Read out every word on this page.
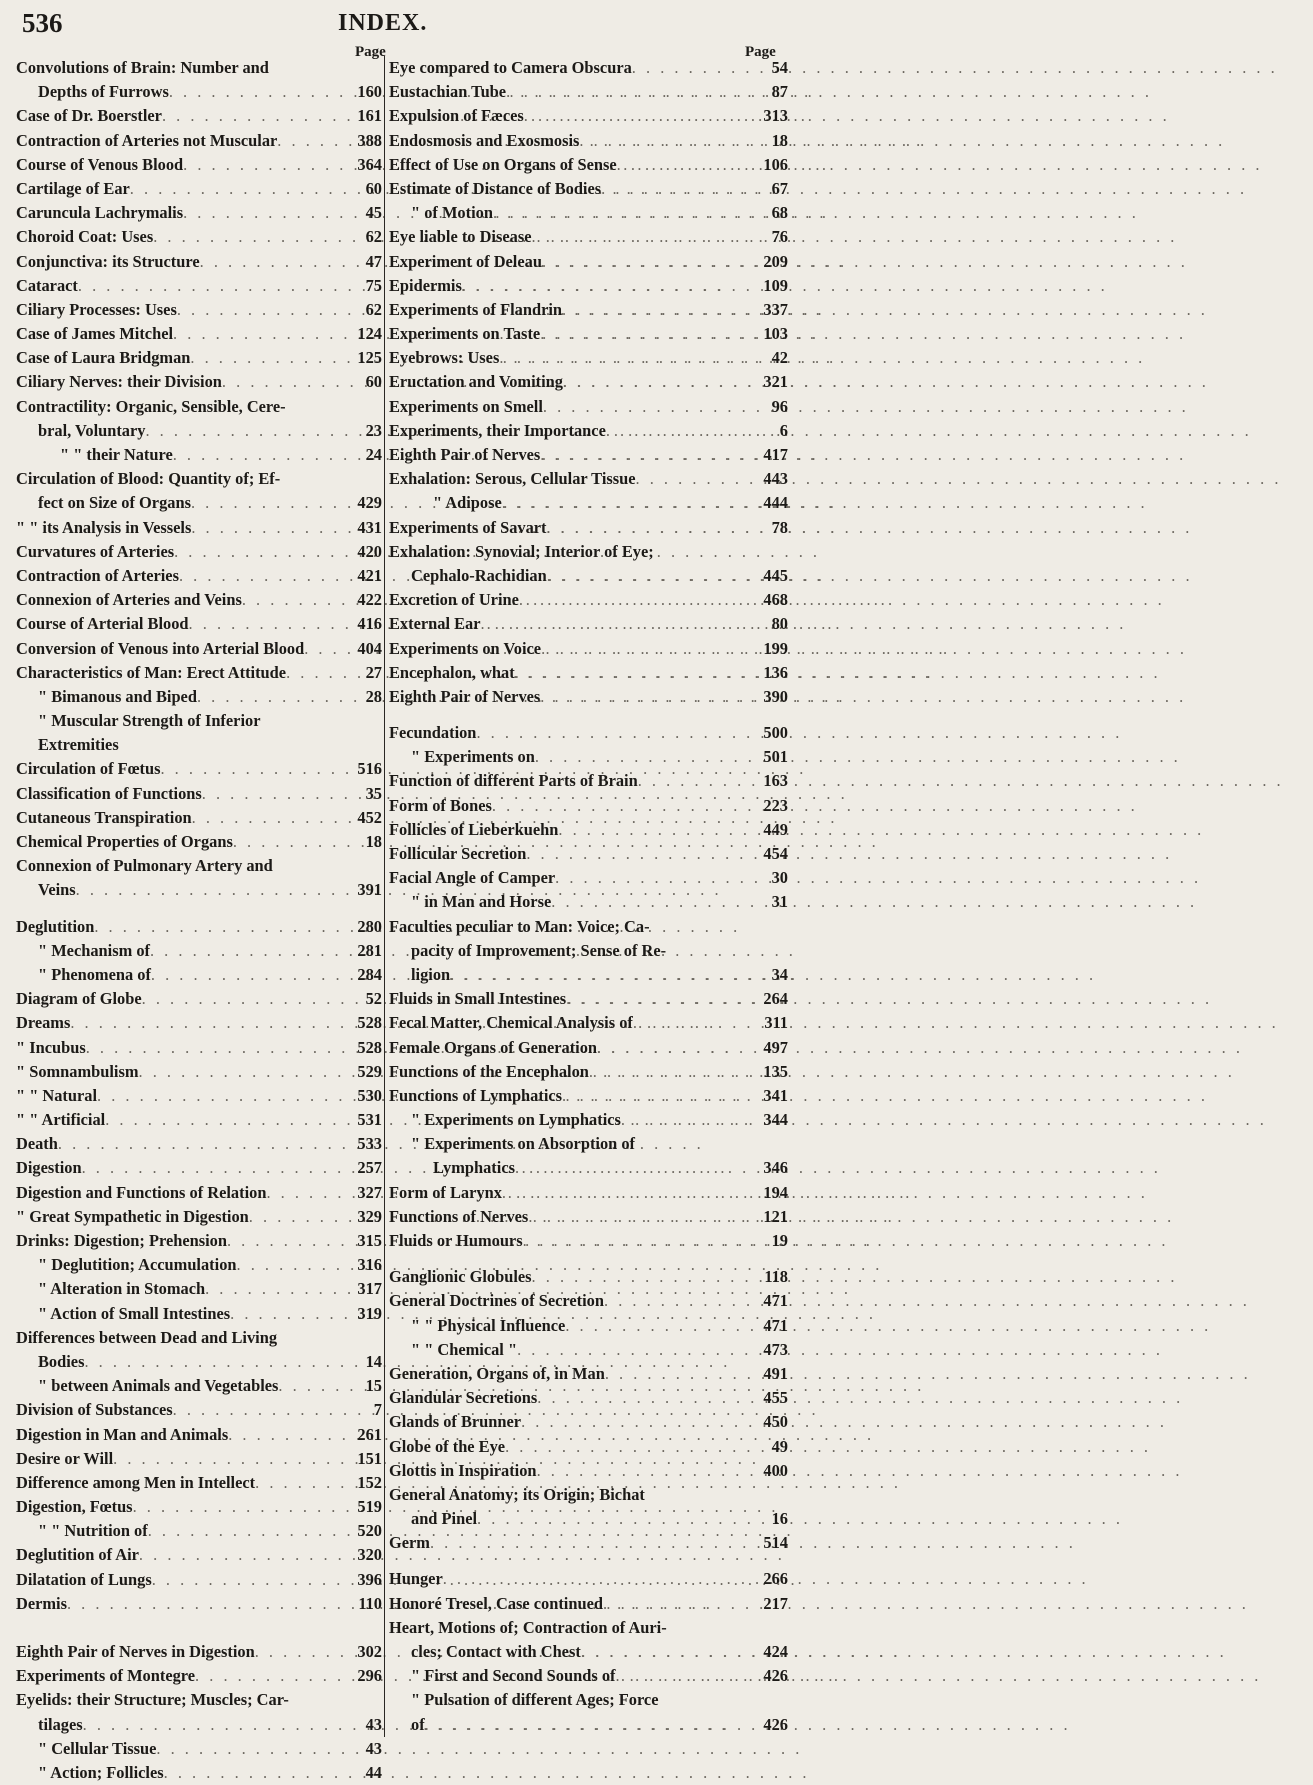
536	INDEX.
Page	Page
Convolutions of Brain: Number and
Depths of Furrows . . .	160
Case of Dr. Boerstler . . .	161
Contraction of Arteries not Muscular . . .	388
Course of Venous Blood . . .	364
Cartilage of Ear . . .	60
Caruncula Lachrymalis . . .	45
Choroid Coat: Uses . . .	62
Conjunctiva: its Structure . . .	47
Cataract . . .	75
Ciliary Processes: Uses . . .	62
Case of James Mitchel . . .	124
Case of Laura Bridgman . . .	125
Ciliary Nerves: their Division . . .	60
Contractility: Organic, Sensible, Cere-
bral, Voluntary . . .	23
" " their Nature . . .	24
Circulation of Blood: Quantity of; Ef-
fect on Size of Organs . . .	429
" " its Analysis in Vessels . . .	431
Curvatures of Arteries . . .	420
Contraction of Arteries . . .	421
Connexion of Arteries and Veins . . .	422
Course of Arterial Blood . . .	416
Conversion of Venous into Arterial Blood . . .	404
Characteristics of Man: Erect Attitude . . .	27
" Bimanous and Biped . . .	28
" Muscular Strength of Inferior
Extremities
Circulation of Fœtus . . .	516
Classification of Functions . . .	35
Cutaneous Transpiration . . .	452
Chemical Properties of Organs . . .	18
Connexion of Pulmonary Artery and
Veins . . .	391
Deglutition . . .	280
" Mechanism of . . .	281
" Phenomena of . . .	284
Diagram of Globe . . .	52
Dreams . . .	528
" Incubus . . .	528
" Somnambulism . . .	529
" " Natural . . .	530
" " Artificial . . .	531
Death . . .	533
Digestion . . .	257
Digestion and Functions of Relation . . .	327
" Great Sympathetic in Digestion . . .	329
Drinks: Digestion; Prehension . . .	315
" Deglutition; Accumulation . . .	316
" Alteration in Stomach . . .	317
" Action of Small Intestines . . .	319
Differences between Dead and Living
Bodies . . .	14
" between Animals and Vegetables . . .	15
Division of Substances . . .	7
Digestion in Man and Animals . . .	261
Desire or Will . . .	151
Difference among Men in Intellect . . .	152
Digestion, Fœtus . . .	519
" " Nutrition of . . .	520
Deglutition of Air . . .	320
Dilatation of Lungs . . .	396
Dermis . . .	110
Eighth Pair of Nerves in Digestion . . .	302
Experiments of Montegre . . .	296
Eyelids: their Structure; Muscles; Car-
tilages . . .	43
" Cellular Tissue . . .	43
" Action; Follicles . . .	44
Eye compared to Camera Obscura . . .	54
Eustachian Tube . . .	87
Expulsion of Fæces . . .	313
Endosmosis and Exosmosis . . .	18
Effect of Use on Organs of Sense . . .	106
Estimate of Distance of Bodies . . .	67
" of Motion . . .	68
Eye liable to Disease . . .	76
Experiment of Deleau . . .	209
Epidermis . . .	109
Experiments of Flandrin . . .	337
Experiments on Taste . . .	103
Eyebrows: Uses . . .	42
Eructation and Vomiting . . .	321
Experiments on Smell . . .	96
Experiments, their Importance . . .	6
Eighth Pair of Nerves . . .	417
Exhalation: Serous, Cellular Tissue . . .	443
" Adipose . . .	444
Experiments of Savart . . .	78
Exhalation: Synovial; Interior of Eye;
Cephalo-Rachidian . . .	445
Excretion of Urine . . .	468
External Ear . . .	80
Experiments on Voice . . .	199
Encephalon, what . . .	136
Eighth Pair of Nerves . . .	390
Fecundation . . .	500
" Experiments on . . .	501
Function of different Parts of Brain . . .	163
Form of Bones . . .	223
Follicles of Lieberkuehn . . .	449
Follicular Secretion . . .	454
Facial Angle of Camper . . .	30
" in Man and Horse . . .	31
Faculties peculiar to Man: Voice; Ca-
pacity of Improvement; Sense of Re-
ligion . . .	34
Fluids in Small Intestines . . .	264
Fecal Matter, Chemical Analysis of . . .	311
Female Organs of Generation . . .	497
Functions of the Encephalon . . .	135
Functions of Lymphatics . . .	341
" Experiments on Lymphatics . . .	344
" Experiments on Absorption of
Lymphatics . . .	346
Form of Larynx . . .	194
Functions of Nerves . . .	121
Fluids or Humours . . .	19
Ganglionic Globules . . .	118
General Doctrines of Secretion . . .	471
" " Physical Influence . . .	471
" " Chemical " . . .	473
Generation, Organs of, in Man . . .	491
Glandular Secretions . . .	455
Glands of Brunner . . .	450
Globe of the Eye . . .	49
Glottis in Inspiration . . .	400
General Anatomy; its Origin; Bichat
and Pinel . . .	16
Germ . . .	514
Hunger . . .	266
Honoré Tresel, Case continued . . .	217
Heart, Motions of; Contraction of Auri-
cles; Contact with Chest . . .	424
" First and Second Sounds of . . .	426
" Pulsation of different Ages; Force
of . . .	426
